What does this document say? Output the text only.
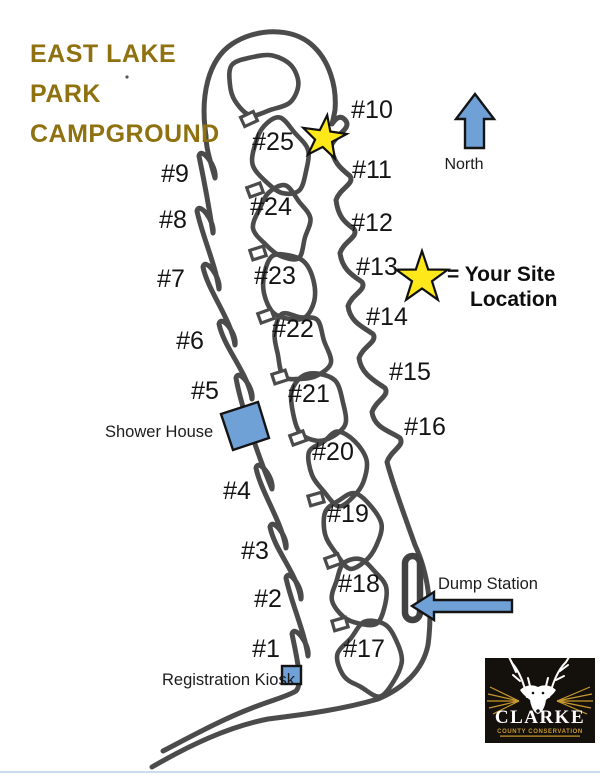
EAST LAKE
PARK
CAMPGROUND
North
= Your Site
Location
Shower House
Registration Kiosk
Dump Station
#1
#2
#3
#4
#5
#6
#7
#8
#9
#10
#11
#12
#13
#14
#15
#16
#17
#18
#19
#20
#21
#22
#23
#24
#25
CLARKE
COUNTY CONSERVATION
